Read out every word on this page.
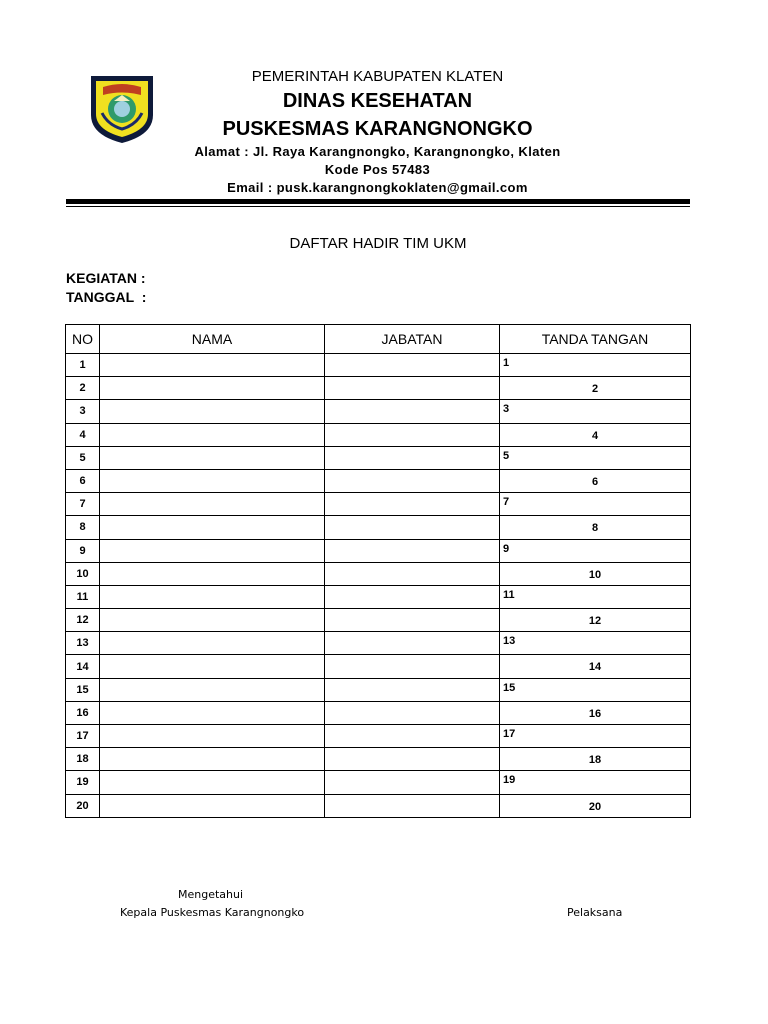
PEMERINTAH KABUPATEN KLATEN
DINAS KESEHATAN
PUSKESMAS KARANGNONGKO
Alamat : Jl. Raya Karangnongko, Karangnongko, Klaten
Kode Pos 57483
Email : pusk.karangnongkoklaten@gmail.com
DAFTAR HADIR TIM UKM
KEGIATAN :
TANGGAL  :
NO	NAMA	JABATAN	TANDA TANGAN
1			1

2			2

3			3

4			4

5			5

6			6

7			7

8			8

9			9

10			10

11			11

12			12

13			13

14			14

15			15

16			16

17			17

18			18

19			19

20			20
Mengetahui
Kepala Puskesmas Karangnongko	Pelaksana
